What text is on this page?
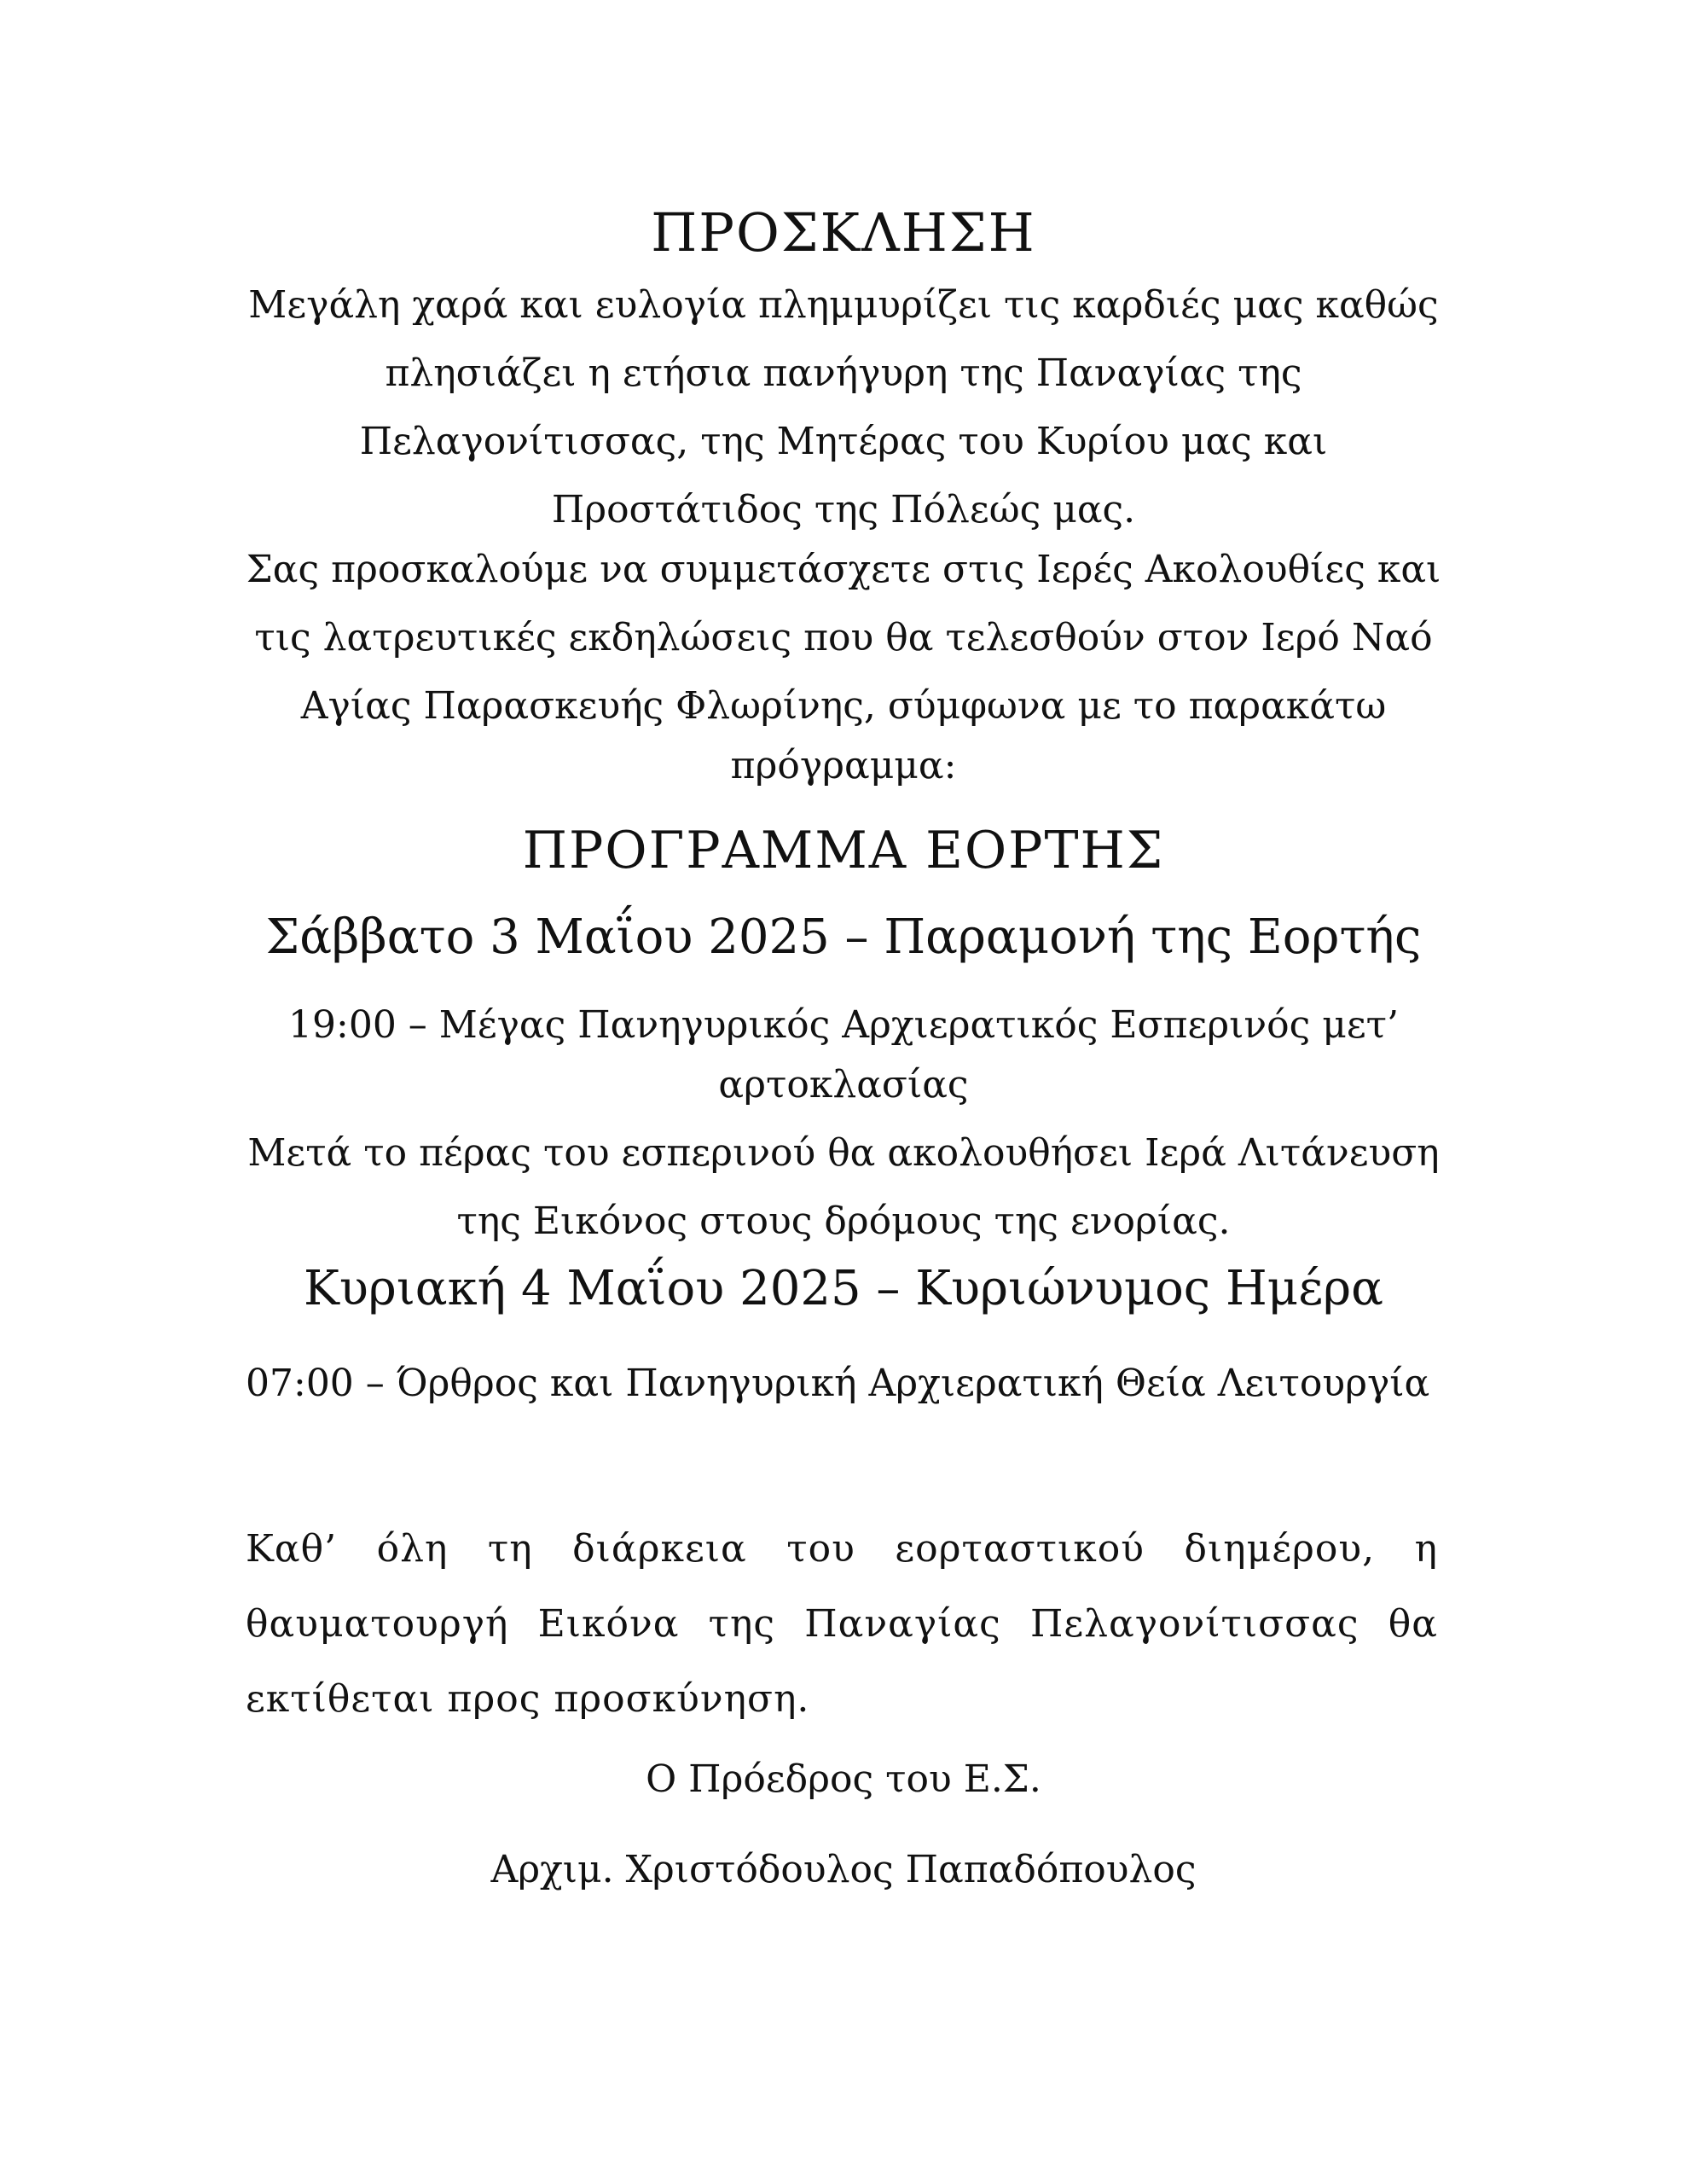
ΠΡΟΣΚΛΗΣΗ
Μεγάλη χαρά και ευλογία πλημμυρίζει τις καρδιές μας καθώς
πλησιάζει η ετήσια πανήγυρη της Παναγίας της
Πελαγονίτισσας, της Μητέρας του Κυρίου μας και
Προστάτιδος της Πόλεώς μας.
Σας προσκαλούμε να συμμετάσχετε στις Ιερές Ακολουθίες και
τις λατρευτικές εκδηλώσεις που θα τελεσθούν στον Ιερό Ναό
Αγίας Παρασκευής Φλωρίνης, σύμφωνα με το παρακάτω
πρόγραμμα:
ΠΡΟΓΡΑΜΜΑ ΕΟΡΤΗΣ
Σάββατο 3 Μαΐου 2025 – Παραμονή της Εορτής
19:00 – Μέγας Πανηγυρικός Αρχιερατικός Εσπερινός μετ’
αρτοκλασίας
Μετά το πέρας του εσπερινού θα ακολουθήσει Ιερά Λιτάνευση
της Εικόνος στους δρόμους της ενορίας.
Κυριακή 4 Μαΐου 2025 – Κυριώνυμος Ημέρα
07:00 – Όρθρος και Πανηγυρική Αρχιερατική Θεία Λειτουργία
Καθ’ όλη τη διάρκεια του εορταστικού διημέρου, η
θαυματουργή Εικόνα της Παναγίας Πελαγονίτισσας θα
εκτίθεται προς προσκύνηση.
Ο Πρόεδρος του Ε.Σ.
Αρχιμ. Χριστόδουλος Παπαδόπουλος
